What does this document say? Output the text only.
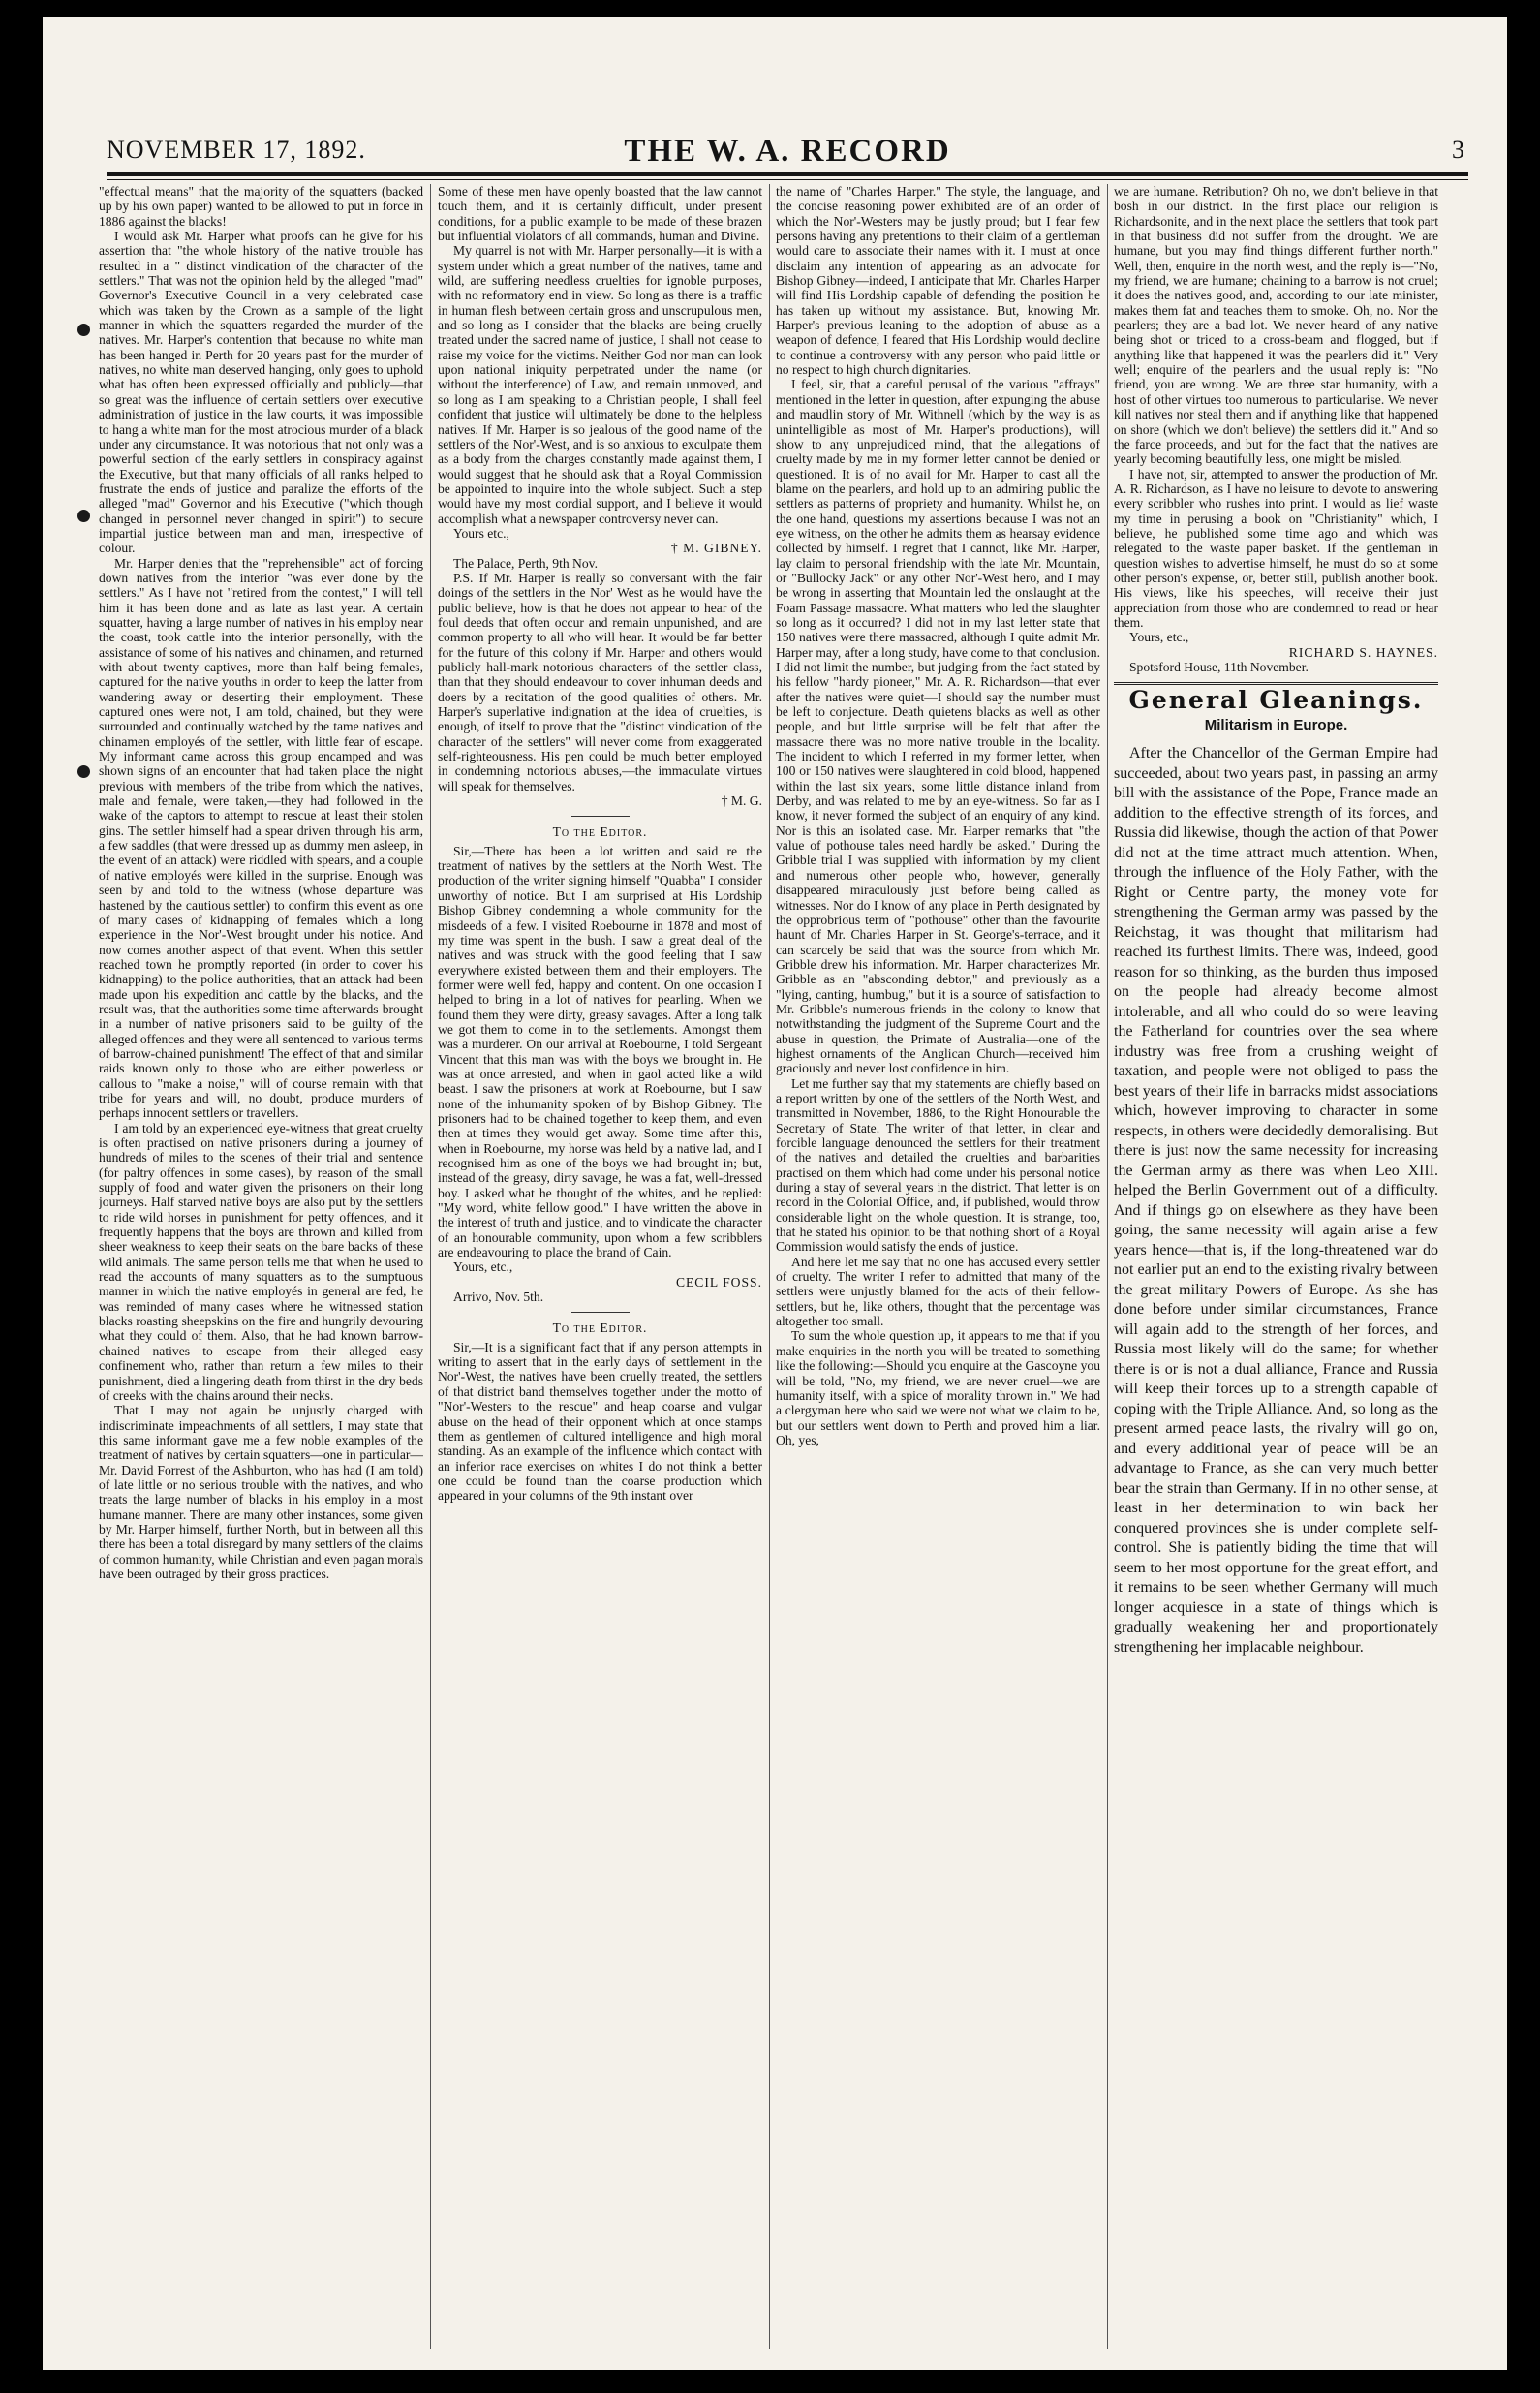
NOVEMBER 17, 1892.	THE W. A. RECORD	3

"effectual means" that the majority of the squatters (backed up by his own paper) wanted to be allowed to put in force in 1886 against the blacks!

I would ask Mr. Harper what proofs can he give for his assertion that "the whole history of the native trouble has resulted in a " distinct vindication of the character of the settlers." That was not the opinion held by the alleged "mad" Governor's Executive Council in a very celebrated case which was taken by the Crown as a sample of the light manner in which the squatters regarded the murder of the natives. Mr. Harper's contention that because no white man has been hanged in Perth for 20 years past for the murder of natives, no white man deserved hanging, only goes to uphold what has often been expressed officially and publicly—that so great was the influence of certain settlers over executive administration of justice in the law courts, it was impossible to hang a white man for the most atrocious murder of a black under any circumstance. It was notorious that not only was a powerful section of the early settlers in conspiracy against the Executive, but that many officials of all ranks helped to frustrate the ends of justice and paralize the efforts of the alleged "mad" Governor and his Executive ("which though changed in personnel never changed in spirit") to secure impartial justice between man and man, irrespective of colour.

Mr. Harper denies that the "reprehensible" act of forcing down natives from the interior "was ever done by the settlers." As I have not "retired from the contest," I will tell him it has been done and as late as last year. A certain squatter, having a large number of natives in his employ near the coast, took cattle into the interior personally, with the assistance of some of his natives and chinamen, and returned with about twenty captives, more than half being females, captured for the native youths in order to keep the latter from wandering away or deserting their employment. These captured ones were not, I am told, chained, but they were surrounded and continually watched by the tame natives and chinamen employés of the settler, with little fear of escape. My informant came across this group encamped and was shown signs of an encounter that had taken place the night previous with members of the tribe from which the natives, male and female, were taken,—they had followed in the wake of the captors to attempt to rescue at least their stolen gins. The settler himself had a spear driven through his arm, a few saddles (that were dressed up as dummy men asleep, in the event of an attack) were riddled with spears, and a couple of native employés were killed in the surprise. Enough was seen by and told to the witness (whose departure was hastened by the cautious settler) to confirm this event as one of many cases of kidnapping of females which a long experience in the Nor'-West brought under his notice. And now comes another aspect of that event. When this settler reached town he promptly reported (in order to cover his kidnapping) to the police authorities, that an attack had been made upon his expedition and cattle by the blacks, and the result was, that the authorities some time afterwards brought in a number of native prisoners said to be guilty of the alleged offences and they were all sentenced to various terms of barrow-chained punishment! The effect of that and similar raids known only to those who are either powerless or callous to "make a noise," will of course remain with that tribe for years and will, no doubt, produce murders of perhaps innocent settlers or travellers.

I am told by an experienced eye-witness that great cruelty is often practised on native prisoners during a journey of hundreds of miles to the scenes of their trial and sentence (for paltry offences in some cases), by reason of the small supply of food and water given the prisoners on their long journeys. Half starved native boys are also put by the settlers to ride wild horses in punishment for petty offences, and it frequently happens that the boys are thrown and killed from sheer weakness to keep their seats on the bare backs of these wild animals. The same person tells me that when he used to read the accounts of many squatters as to the sumptuous manner in which the native employés in general are fed, he was reminded of many cases where he witnessed station blacks roasting sheepskins on the fire and hungrily devouring what they could of them. Also, that he had known barrow-chained natives to escape from their alleged easy confinement who, rather than return a few miles to their punishment, died a lingering death from thirst in the dry beds of creeks with the chains around their necks.

That I may not again be unjustly charged with indiscriminate impeachments of all settlers, I may state that this same informant gave me a few noble examples of the treatment of natives by certain squatters—one in particular—Mr. David Forrest of the Ashburton, who has had (I am told) of late little or no serious trouble with the natives, and who treats the large number of blacks in his employ in a most humane manner. There are many other instances, some given by Mr. Harper himself, further North, but in between all this there has been a total disregard by many settlers of the claims of common humanity, while Christian and even pagan morals have been outraged by their gross practices.

Some of these men have openly boasted that the law cannot touch them, and it is certainly difficult, under present conditions, for a public example to be made of these brazen but influential violators of all commands, human and Divine.

My quarrel is not with Mr. Harper personally—it is with a system under which a great number of the natives, tame and wild, are suffering needless cruelties for ignoble purposes, with no reformatory end in view. So long as there is a traffic in human flesh between certain gross and unscrupulous men, and so long as I consider that the blacks are being cruelly treated under the sacred name of justice, I shall not cease to raise my voice for the victims. Neither God nor man can look upon national iniquity perpetrated under the name (or without the interference) of Law, and remain unmoved, and so long as I am speaking to a Christian people, I shall feel confident that justice will ultimately be done to the helpless natives. If Mr. Harper is so jealous of the good name of the settlers of the Nor'-West, and is so anxious to exculpate them as a body from the charges constantly made against them, I would suggest that he should ask that a Royal Commission be appointed to inquire into the whole subject. Such a step would have my most cordial support, and I believe it would accomplish what a newspaper controversy never can.

Yours etc.,

† M. GIBNEY.

The Palace, Perth, 9th Nov.

P.S. If Mr. Harper is really so conversant with the fair doings of the settlers in the Nor' West as he would have the public believe, how is that he does not appear to hear of the foul deeds that often occur and remain unpunished, and are common property to all who will hear. It would be far better for the future of this colony if Mr. Harper and others would publicly hall-mark notorious characters of the settler class, than that they should endeavour to cover inhuman deeds and doers by a recitation of the good qualities of others. Mr. Harper's superlative indignation at the idea of cruelties, is enough, of itself to prove that the "distinct vindication of the character of the settlers" will never come from exaggerated self-righteousness. His pen could be much better employed in condemning notorious abuses,—the immaculate virtues will speak for themselves.

† M. G.

To the Editor.

Sir,—There has been a lot written and said re the treatment of natives by the settlers at the North West. The production of the writer signing himself "Quabba" I consider unworthy of notice. But I am surprised at His Lordship Bishop Gibney condemning a whole community for the misdeeds of a few. I visited Roebourne in 1878 and most of my time was spent in the bush. I saw a great deal of the natives and was struck with the good feeling that I saw everywhere existed between them and their employers. The former were well fed, happy and content. On one occasion I helped to bring in a lot of natives for pearling. When we found them they were dirty, greasy savages. After a long talk we got them to come in to the settlements. Amongst them was a murderer. On our arrival at Roebourne, I told Sergeant Vincent that this man was with the boys we brought in. He was at once arrested, and when in gaol acted like a wild beast. I saw the prisoners at work at Roebourne, but I saw none of the inhumanity spoken of by Bishop Gibney. The prisoners had to be chained together to keep them, and even then at times they would get away. Some time after this, when in Roebourne, my horse was held by a native lad, and I recognised him as one of the boys we had brought in; but, instead of the greasy, dirty savage, he was a fat, well-dressed boy. I asked what he thought of the whites, and he replied: "My word, white fellow good." I have written the above in the interest of truth and justice, and to vindicate the character of an honourable community, upon whom a few scribblers are endeavouring to place the brand of Cain.

Yours, etc.,

CECIL FOSS.

Arrivo, Nov. 5th.

To the Editor.

Sir,—It is a significant fact that if any person attempts in writing to assert that in the early days of settlement in the Nor'-West, the natives have been cruelly treated, the settlers of that district band themselves together under the motto of "Nor'-Westers to the rescue" and heap coarse and vulgar abuse on the head of their opponent which at once stamps them as gentlemen of cultured intelligence and high moral standing. As an example of the influence which contact with an inferior race exercises on whites I do not think a better one could be found than the coarse production which appeared in your columns of the 9th instant over

the name of "Charles Harper." The style, the language, and the concise reasoning power exhibited are of an order of which the Nor'-Westers may be justly proud; but I fear few persons having any pretentions to their claim of a gentleman would care to associate their names with it. I must at once disclaim any intention of appearing as an advocate for Bishop Gibney—indeed, I anticipate that Mr. Charles Harper will find His Lordship capable of defending the position he has taken up without my assistance. But, knowing Mr. Harper's previous leaning to the adoption of abuse as a weapon of defence, I feared that His Lordship would decline to continue a controversy with any person who paid little or no respect to high church dignitaries.

I feel, sir, that a careful perusal of the various "affrays" mentioned in the letter in question, after expunging the abuse and maudlin story of Mr. Withnell (which by the way is as unintelligible as most of Mr. Harper's productions), will show to any unprejudiced mind, that the allegations of cruelty made by me in my former letter cannot be denied or questioned. It is of no avail for Mr. Harper to cast all the blame on the pearlers, and hold up to an admiring public the settlers as patterns of propriety and humanity. Whilst he, on the one hand, questions my assertions because I was not an eye witness, on the other he admits them as hearsay evidence collected by himself. I regret that I cannot, like Mr. Harper, lay claim to personal friendship with the late Mr. Mountain, or "Bullocky Jack" or any other Nor'-West hero, and I may be wrong in asserting that Mountain led the onslaught at the Foam Passage massacre. What matters who led the slaughter so long as it occurred? I did not in my last letter state that 150 natives were there massacred, although I quite admit Mr. Harper may, after a long study, have come to that conclusion. I did not limit the number, but judging from the fact stated by his fellow "hardy pioneer," Mr. A. R. Richardson—that ever after the natives were quiet—I should say the number must be left to conjecture. Death quietens blacks as well as other people, and but little surprise will be felt that after the massacre there was no more native trouble in the locality. The incident to which I referred in my former letter, when 100 or 150 natives were slaughtered in cold blood, happened within the last six years, some little distance inland from Derby, and was related to me by an eye-witness. So far as I know, it never formed the subject of an enquiry of any kind. Nor is this an isolated case. Mr. Harper remarks that "the value of pothouse tales need hardly be asked." During the Gribble trial I was supplied with information by my client and numerous other people who, however, generally disappeared miraculously just before being called as witnesses. Nor do I know of any place in Perth designated by the opprobrious term of "pothouse" other than the favourite haunt of Mr. Charles Harper in St. George's-terrace, and it can scarcely be said that was the source from which Mr. Gribble drew his information. Mr. Harper characterizes Mr. Gribble as an "absconding debtor," and previously as a "lying, canting, humbug," but it is a source of satisfaction to Mr. Gribble's numerous friends in the colony to know that notwithstanding the judgment of the Supreme Court and the abuse in question, the Primate of Australia—one of the highest ornaments of the Anglican Church—received him graciously and never lost confidence in him.

Let me further say that my statements are chiefly based on a report written by one of the settlers of the North West, and transmitted in November, 1886, to the Right Honourable the Secretary of State. The writer of that letter, in clear and forcible language denounced the settlers for their treatment of the natives and detailed the cruelties and barbarities practised on them which had come under his personal notice during a stay of several years in the district. That letter is on record in the Colonial Office, and, if published, would throw considerable light on the whole question. It is strange, too, that he stated his opinion to be that nothing short of a Royal Commission would satisfy the ends of justice.

And here let me say that no one has accused every settler of cruelty. The writer I refer to admitted that many of the settlers were unjustly blamed for the acts of their fellow-settlers, but he, like others, thought that the percentage was altogether too small.

To sum the whole question up, it appears to me that if you make enquiries in the north you will be treated to something like the following:—Should you enquire at the Gascoyne you will be told, "No, my friend, we are never cruel—we are humanity itself, with a spice of morality thrown in." We had a clergyman here who said we were not what we claim to be, but our settlers went down to Perth and proved him a liar. Oh, yes,

we are humane. Retribution? Oh no, we don't believe in that bosh in our district. In the first place our religion is Richardsonite, and in the next place the settlers that took part in that business did not suffer from the drought. We are humane, but you may find things different further north." Well, then, enquire in the north west, and the reply is—"No, my friend, we are humane; chaining to a barrow is not cruel; it does the natives good, and, according to our late minister, makes them fat and teaches them to smoke. Oh, no. Nor the pearlers; they are a bad lot. We never heard of any native being shot or triced to a cross-beam and flogged, but if anything like that happened it was the pearlers did it." Very well; enquire of the pearlers and the usual reply is: "No friend, you are wrong. We are three star humanity, with a host of other virtues too numerous to particularise. We never kill natives nor steal them and if anything like that happened on shore (which we don't believe) the settlers did it." And so the farce proceeds, and but for the fact that the natives are yearly becoming beautifully less, one might be misled.

I have not, sir, attempted to answer the production of Mr. A. R. Richardson, as I have no leisure to devote to answering every scribbler who rushes into print. I would as lief waste my time in perusing a book on "Christianity" which, I believe, he published some time ago and which was relegated to the waste paper basket. If the gentleman in question wishes to advertise himself, he must do so at some other person's expense, or, better still, publish another book. His views, like his speeches, will receive their just appreciation from those who are condemned to read or hear them.

Yours, etc.,

RICHARD S. HAYNES.

Spotsford House, 11th November.

General Gleanings.
Militarism in Europe.

After the Chancellor of the German Empire had succeeded, about two years past, in passing an army bill with the assistance of the Pope, France made an addition to the effective strength of its forces, and Russia did likewise, though the action of that Power did not at the time attract much attention. When, through the influence of the Holy Father, with the Right or Centre party, the money vote for strengthening the German army was passed by the Reichstag, it was thought that militarism had reached its furthest limits. There was, indeed, good reason for so thinking, as the burden thus imposed on the people had already become almost intolerable, and all who could do so were leaving the Fatherland for countries over the sea where industry was free from a crushing weight of taxation, and people were not obliged to pass the best years of their life in barracks midst associations which, however improving to character in some respects, in others were decidedly demoralising. But there is just now the same necessity for increasing the German army as there was when Leo XIII. helped the Berlin Government out of a difficulty. And if things go on elsewhere as they have been going, the same necessity will again arise a few years hence—that is, if the long-threatened war do not earlier put an end to the existing rivalry between the great military Powers of Europe. As she has done before under similar circumstances, France will again add to the strength of her forces, and Russia most likely will do the same; for whether there is or is not a dual alliance, France and Russia will keep their forces up to a strength capable of coping with the Triple Alliance. And, so long as the present armed peace lasts, the rivalry will go on, and every additional year of peace will be an advantage to France, as she can very much better bear the strain than Germany. If in no other sense, at least in her determination to win back her conquered provinces she is under complete self-control. She is patiently biding the time that will seem to her most opportune for the great effort, and it remains to be seen whether Germany will much longer acquiesce in a state of things which is gradually weakening her and proportionately strengthening her implacable neighbour.
